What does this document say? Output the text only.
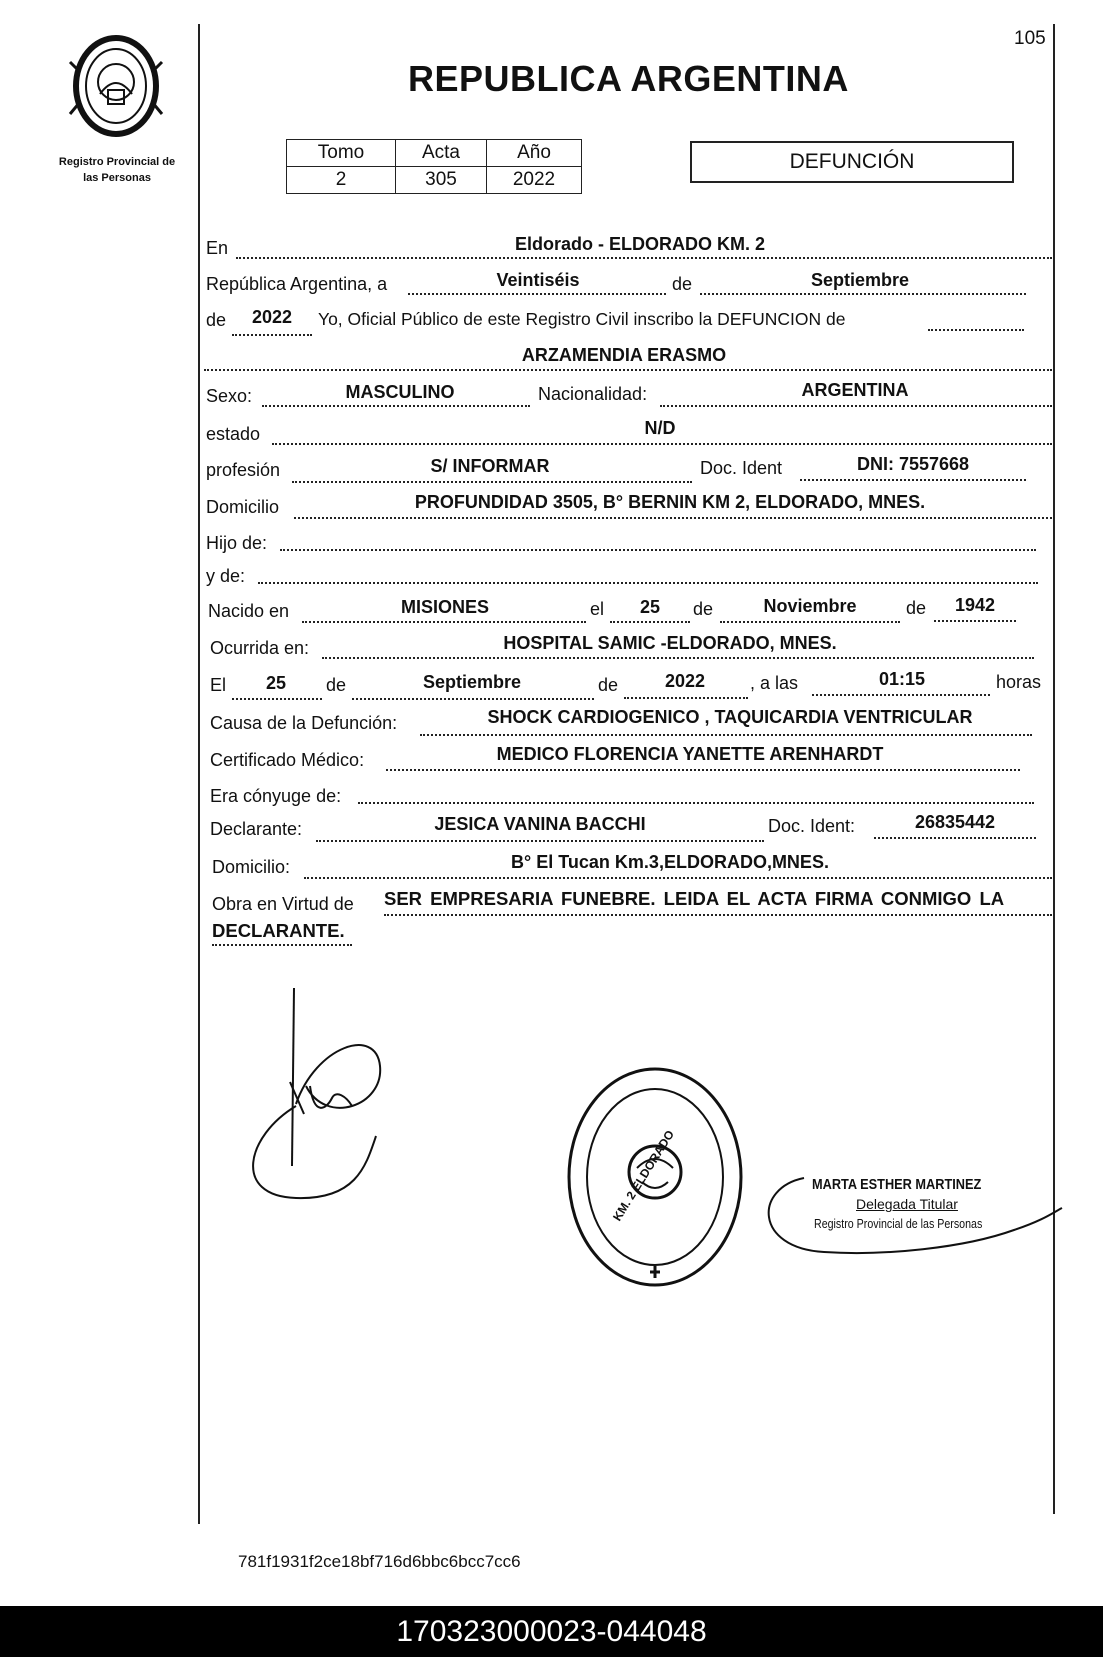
105
REPUBLICA ARGENTINA
Registro Provincial de
las Personas
Tomo	Acta	Año
2	305	2022
DEFUNCIÓN
En	Eldorado - ELDORADO KM. 2
República Argentina, a	Veintiséis	de	Septiembre
de	2022	Yo, Oficial Público de este Registro Civil inscribo la DEFUNCION de
ARZAMENDIA ERASMO
Sexo:	MASCULINO	Nacionalidad:	ARGENTINA
estado	N/D
profesión	S/ INFORMAR	Doc. Ident	DNI: 7557668
Domicilio	PROFUNDIDAD 3505, B° BERNIN KM 2, ELDORADO, MNES.
Hijo de:
y de:
Nacido en	MISIONES	el	25	de	Noviembre	de	1942
Ocurrida en:	HOSPITAL SAMIC -ELDORADO, MNES.
El	25	de	Septiembre	de	2022	, a las	01:15	horas
Causa de la Defunción:	SHOCK CARDIOGENICO , TAQUICARDIA VENTRICULAR
Certificado Médico:	MEDICO FLORENCIA YANETTE ARENHARDT
Era cónyuge de:
Declarante:	JESICA VANINA BACCHI	Doc. Ident:	26835442
Domicilio:	B° El Tucan Km.3,ELDORADO,MNES.
Obra en Virtud de SER EMPRESARIA FUNEBRE. LEIDA EL ACTA FIRMA CONMIGO LA
DECLARANTE.
KM. 2 ELDORADO	MARTA ESTHER MARTINEZ
Delegada Titular
Registro Provincial de las Personas
781f1931f2ce18bf716d6bbc6bcc7cc6
170323000023-044048
